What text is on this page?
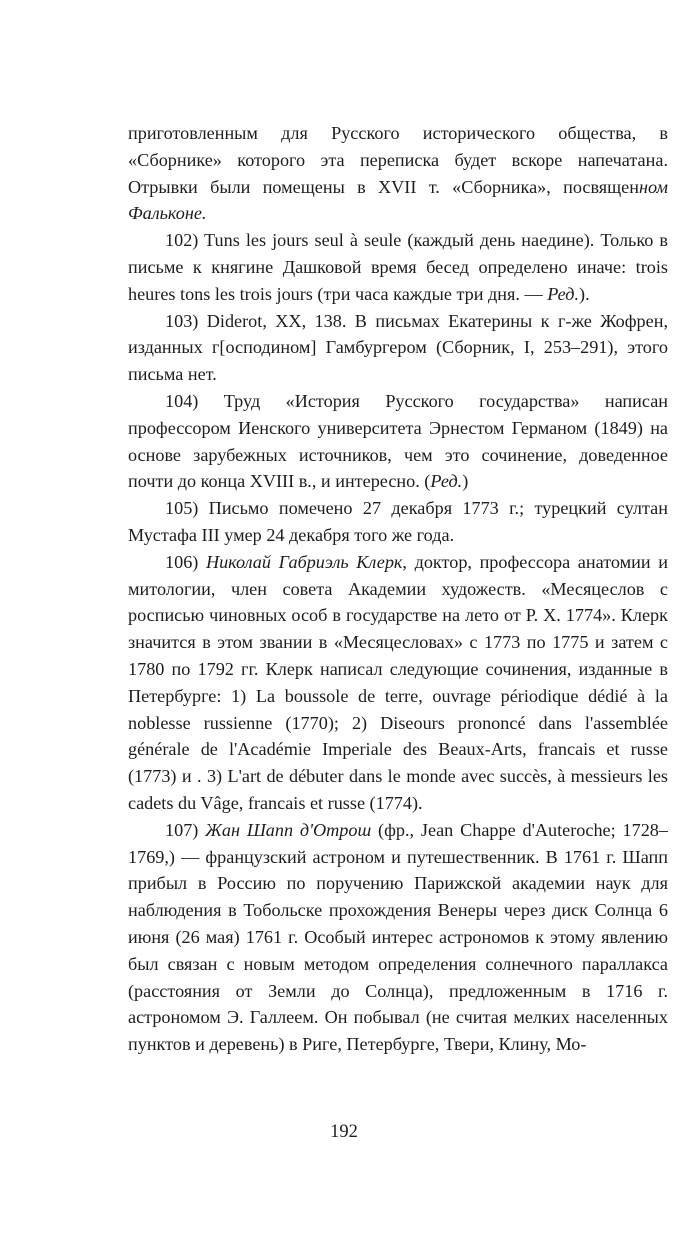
приготовленным для Русского исторического общества, в «Сборнике» которого эта переписка будет вскоре напечатана. Отрывки были помещены в XVII т. «Сборника», посвященном Фальконе.

102) Tuns les jours seul à seule (каждый день наедине). Только в письме к княгине Дашковой время бесед определено иначе: trois heures tons les trois jours (три часа каждые три дня. — Ред.).

103) Diderot, XX, 138. В письмах Екатерины к г-же Жофрен, изданных г[осподином] Гамбургером (Сборник, I, 253–291), этого письма нет.

104) Труд «История Русского государства» написан профессором Иенского университета Эрнестом Германом (1849) на основе зарубежных источников, чем это сочинение, доведенное почти до конца XVIII в., и интересно. (Ред.)

105) Письмо помечено 27 декабря 1773 г.; турецкий султан Мустафа III умер 24 декабря того же года.

106) Николай Габриэль Клерк, доктор, профессора анатомии и митологии, член совета Академии художеств. «Месяцеслов с росписью чиновных особ в государстве на лето от Р. Х. 1774». Клерк значится в этом звании в «Месяцесловах» с 1773 по 1775 и затем с 1780 по 1792 гг. Клерк написал следующие сочинения, изданные в Петербурге: 1) La boussole de terre, ouvrage périodique dédié à la noblesse russienne (1770); 2) Diseours prononcé dans l'assemblée générale de l'Académie Imperiale des Beaux-Arts, francais et russe (1773) и . 3) L'art de débuter dans le monde avec succès, à messieurs les cadets du Vâge, francais et russe (1774).

107) Жан Шапп д'Отрош (фр., Jean Chappe d'Auteroche; 1728–1769,) — французский астроном и путешественник. В 1761 г. Шапп прибыл в Россию по поручению Парижской академии наук для наблюдения в Тобольске прохождения Венеры через диск Солнца 6 июня (26 мая) 1761 г. Особый интерес астрономов к этому явлению был связан с новым методом определения солнечного параллакса (расстояния от Земли до Солнца), предложенным в 1716 г. астрономом Э. Галлеем. Он побывал (не считая мелких населенных пунктов и деревень) в Риге, Петербурге, Твери, Клину, Мо-

192
